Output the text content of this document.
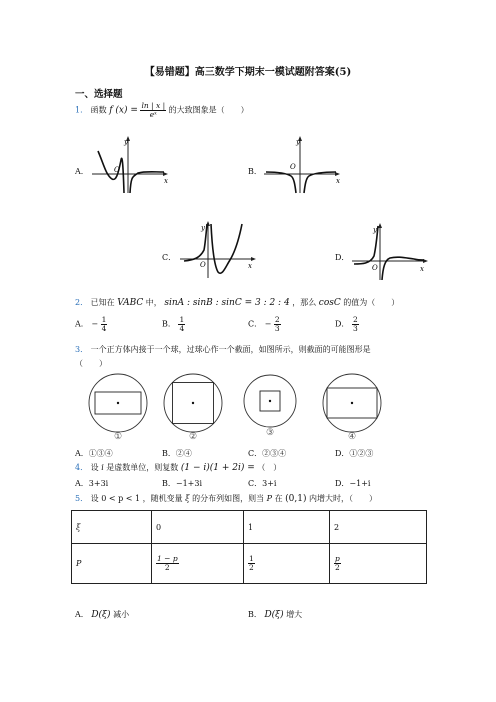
【易错题】高三数学下期末一模试题附答案(5)
一、选择题
1． 函数 f $(x) = \frac{\ln | x |}{\text{eˣ}}$ 的大致图象是（　　）
A．	B．
C．	D．
y
O
x
y
O
x
y
O	x
y
O	x
2． 已知在 VABC 中， sinA : sinB : sinC = 3 : 2 : 4 ，那么 cosC 的值为（　　）
A． − $\frac{1}{4}$	B． $\frac{1}{4}$	C． − $\frac{2}{3}$	D． $\frac{2}{3}$
3． 一个正方体内接于一个球，过球心作一个截面，如图所示，则截面的可能图形是
（　　）
①	②	③	④
A．①③④	B．②④	C．②③④	D．①②③
4． 设 i 是虚数单位，则复数 (1 − i)(1 + 2i) = （　）
A．3+3i	B．−1+3i	C．3+i	D．−1+i
5． 设 0 < p < 1 ，随机变量 ξ 的分布列如图，则当 P 在 (0,1) 内增大时，（　　）
ξ	0	1	2
P	$\frac{1 - p}{2}$	$\frac{1}{2}$	$\frac{p}{2}$
A． D(ξ) 减小	B． D(ξ) 增大
